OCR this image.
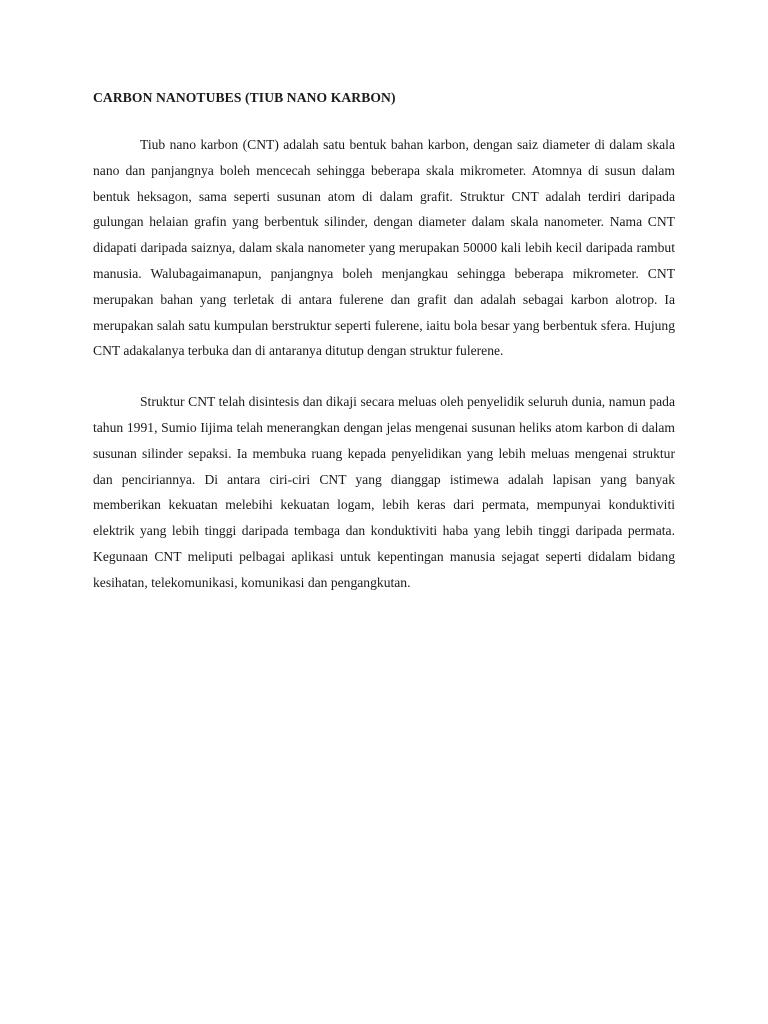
CARBON NANOTUBES (TIUB NANO KARBON)

Tiub nano karbon (CNT) adalah satu bentuk bahan karbon, dengan saiz diameter di dalam skala nano dan panjangnya boleh mencecah sehingga beberapa skala mikrometer. Atomnya di susun dalam bentuk heksagon, sama seperti susunan atom di dalam grafit. Struktur CNT adalah terdiri daripada gulungan helaian grafin yang berbentuk silinder, dengan diameter dalam skala nanometer. Nama CNT didapati daripada saiznya, dalam skala nanometer yang merupakan 50000 kali lebih kecil daripada rambut manusia. Walubagaimanapun, panjangnya boleh menjangkau sehingga beberapa mikrometer. CNT merupakan bahan yang terletak di antara fulerene dan grafit dan adalah sebagai karbon alotrop. Ia merupakan salah satu kumpulan berstruktur seperti fulerene, iaitu bola besar yang berbentuk sfera. Hujung CNT adakalanya terbuka dan di antaranya ditutup dengan struktur fulerene.

Struktur CNT telah disintesis dan dikaji secara meluas oleh penyelidik seluruh dunia, namun pada tahun 1991, Sumio Iijima telah menerangkan dengan jelas mengenai susunan heliks atom karbon di dalam susunan silinder sepaksi. Ia membuka ruang kepada penyelidikan yang lebih meluas mengenai struktur dan penciriannya. Di antara ciri-ciri CNT yang dianggap istimewa adalah lapisan yang banyak memberikan kekuatan melebihi kekuatan logam, lebih keras dari permata, mempunyai konduktiviti elektrik yang lebih tinggi daripada tembaga dan konduktiviti haba yang lebih tinggi daripada permata. Kegunaan CNT meliputi pelbagai aplikasi untuk kepentingan manusia sejagat seperti didalam bidang kesihatan, telekomunikasi, komunikasi dan pengangkutan.
